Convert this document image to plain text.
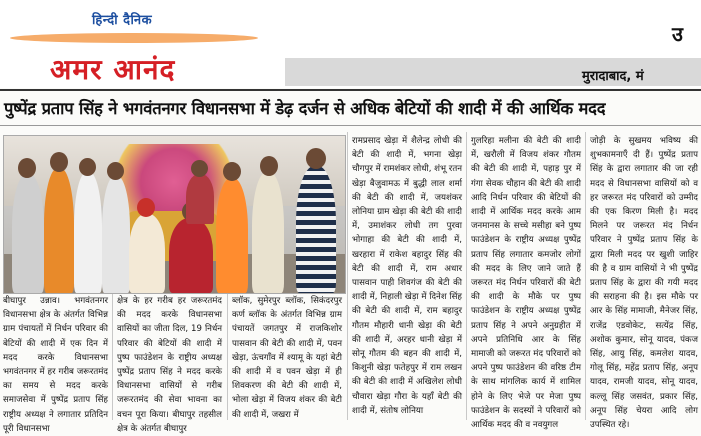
हिन्दी दैनिक
अमर आनंद
उ
मुरादाबाद, मं
पुष्पेंद्र प्रताप सिंह ने भगवंतनगर विधानसभा में डेढ़ दर्जन से अधिक बेटियों की शादी में की आर्थिक मदद
बीघापुर उन्नाव। भगवंतनगर विधानसभा क्षेत्र के अंतर्गत विभिन्न ग्राम पंचायतों में निर्धन परिवार की बेटियों की शादी में एक दिन में मदद करके विधानसभा भगवंतनगर में हर गरीब जरूरतमंद का समय से मदद करके समाजसेवा में पुष्पेंद्र प्रताप सिंह राष्ट्रीय अध्यक्ष ने लगातार प्रतिदिन पूरी विधानसभा
क्षेत्र के हर गरीब हर जरूरतमंद की मदद करके विधानसभा वासियों का जीता दिल, 19 निर्धन परिवार की बेटियों की शादी में पुष्प फाउंडेशन के राष्ट्रीय अध्यक्ष पुष्पेंद्र प्रताप सिंह ने मदद करके विधानसभा वासियों से गरीब जरूरतमंद की सेवा भावना का वचन पूरा किया। बीघापुर तहसील क्षेत्र के अंतर्गत बीघापुर
ब्लॉक, सुमेरपुर ब्लॉक, सिकंदरपुर कर्ण ब्लॉक के अंतर्गत विभिन्न ग्राम पंचायतें जगतपुर में राजकिशोर पासवान की बेटी की शादी में, पवन खेड़ा, ऊंचगाँव में श्यामू के यहां बेटी की शादी में व पवन खेड़ा में ही शिवकरण की बेटी की शादी में, भोला खेड़ा में विजय शंकर की बेटी की शादी में, जखरा में
रामप्रसाद खेड़ा में शैलेन्द्र लोधी की बेटी की शादी में, भगना खेड़ा चौगपुर में रामशंकर लोधी, शंभू रतन खेड़ा बैजुवामऊ में बुद्धी लाल शर्मा की बेटी की शादी में, जयशंकर लोनिया ग्राम खेड़ा की बेटी की शादी में, उमाशंकर लोधी तग पुरवा भोगाहा की बेटी की शादी में, खरहारा में राकेश बहादुर सिंह की बेटी की शादी में, राम अधार पासवान पाही शिवगंज की बेटी की शादी में, निहाली खेड़ा में दिनेश सिंह की बेटी की शादी में, राम बहादुर गौतम मौहारी धानी खेड़ा की बेटी की शादी में, अरहर धानी खेड़ा में सोनू गौतम की बहन की शादी में, किशुनी खेड़ा फतेहपुर में राम लखन की बेटी की शादी में अखिलेश लोधी चौवारा खेड़ा गौरा के यहाँ बेटी की शादी में, संतोष लोनिया
गुलरिहा मलीना की बेटी की शादी में, खरौली में विजय शंकर गौतम की बेटी की शादी में, पहाड़ पुर में गंगा सेवक चौहान की बेटी की शादी आदि निर्धन परिवार की बेटियों की शादी में आर्थिक मदद करके आम जनमानस के सच्चे मसीहा बने पुष्प फाउंडेशन के राष्ट्रीय अध्यक्ष पुष्पेंद्र प्रताप सिंह लगातार कमजोर लोगों की मदद के लिए जाने जाते हैं जरूरत मंद निर्धन परिवारों की बेटी की शादी के मौके पर पुष्प फाउंडेशन के राष्ट्रीय अध्यक्ष पुष्पेंद्र प्रताप सिंह ने अपने अनुग्रहीत में अपने प्रतिनिधि आर के सिंह मामाजी को जरूरत मंद परिवारों को अपने पुष्प फाउंडेशन की वरिष्ठ टीम के साथ मांगलिक कार्य में शामिल होने के लिए भेजे पर मेजा पुष्प फाउंडेशन के सदस्यों ने परिवारों को आर्थिक मदद की व नवयुगल
जोड़ी के सुखमय भविष्य की शुभकामनाएँ दी हैं। पुष्पेंद्र प्रताप सिंह के द्वारा लगातार की जा रही मदद से विधानसभा वासियों को व हर जरूरत मंद परिवारों को उम्मीद की एक किरण मिली है। मदद मिलने पर जरूरत मंद निर्धन परिवार ने पुष्पेंद्र प्रताप सिंह के द्वारा मिली मदद पर खुशी जाहिर की है व ग्राम वासियों ने भी पुष्पेंद्र प्रताप सिंह के द्वारा की गयी मदद की सराहना की है। इस मौके पर आर के सिंह मामाजी, मैनेजर सिंह, राजेंद्र एडवोकेट, सत्येंद्र सिंह, अशोक कुमार, सोनू यादव, पंकज सिंह, आयु सिंह, कमलेश यादव, गोलू सिंह, महेंद्र प्रताप सिंह, अनूप यादव, रामजी यादव, सोनू यादव, कल्लू सिंह जसवंत, प्रकार सिंह, अनूप सिंह चेयरा आदि लोग उपस्थित रहे।
